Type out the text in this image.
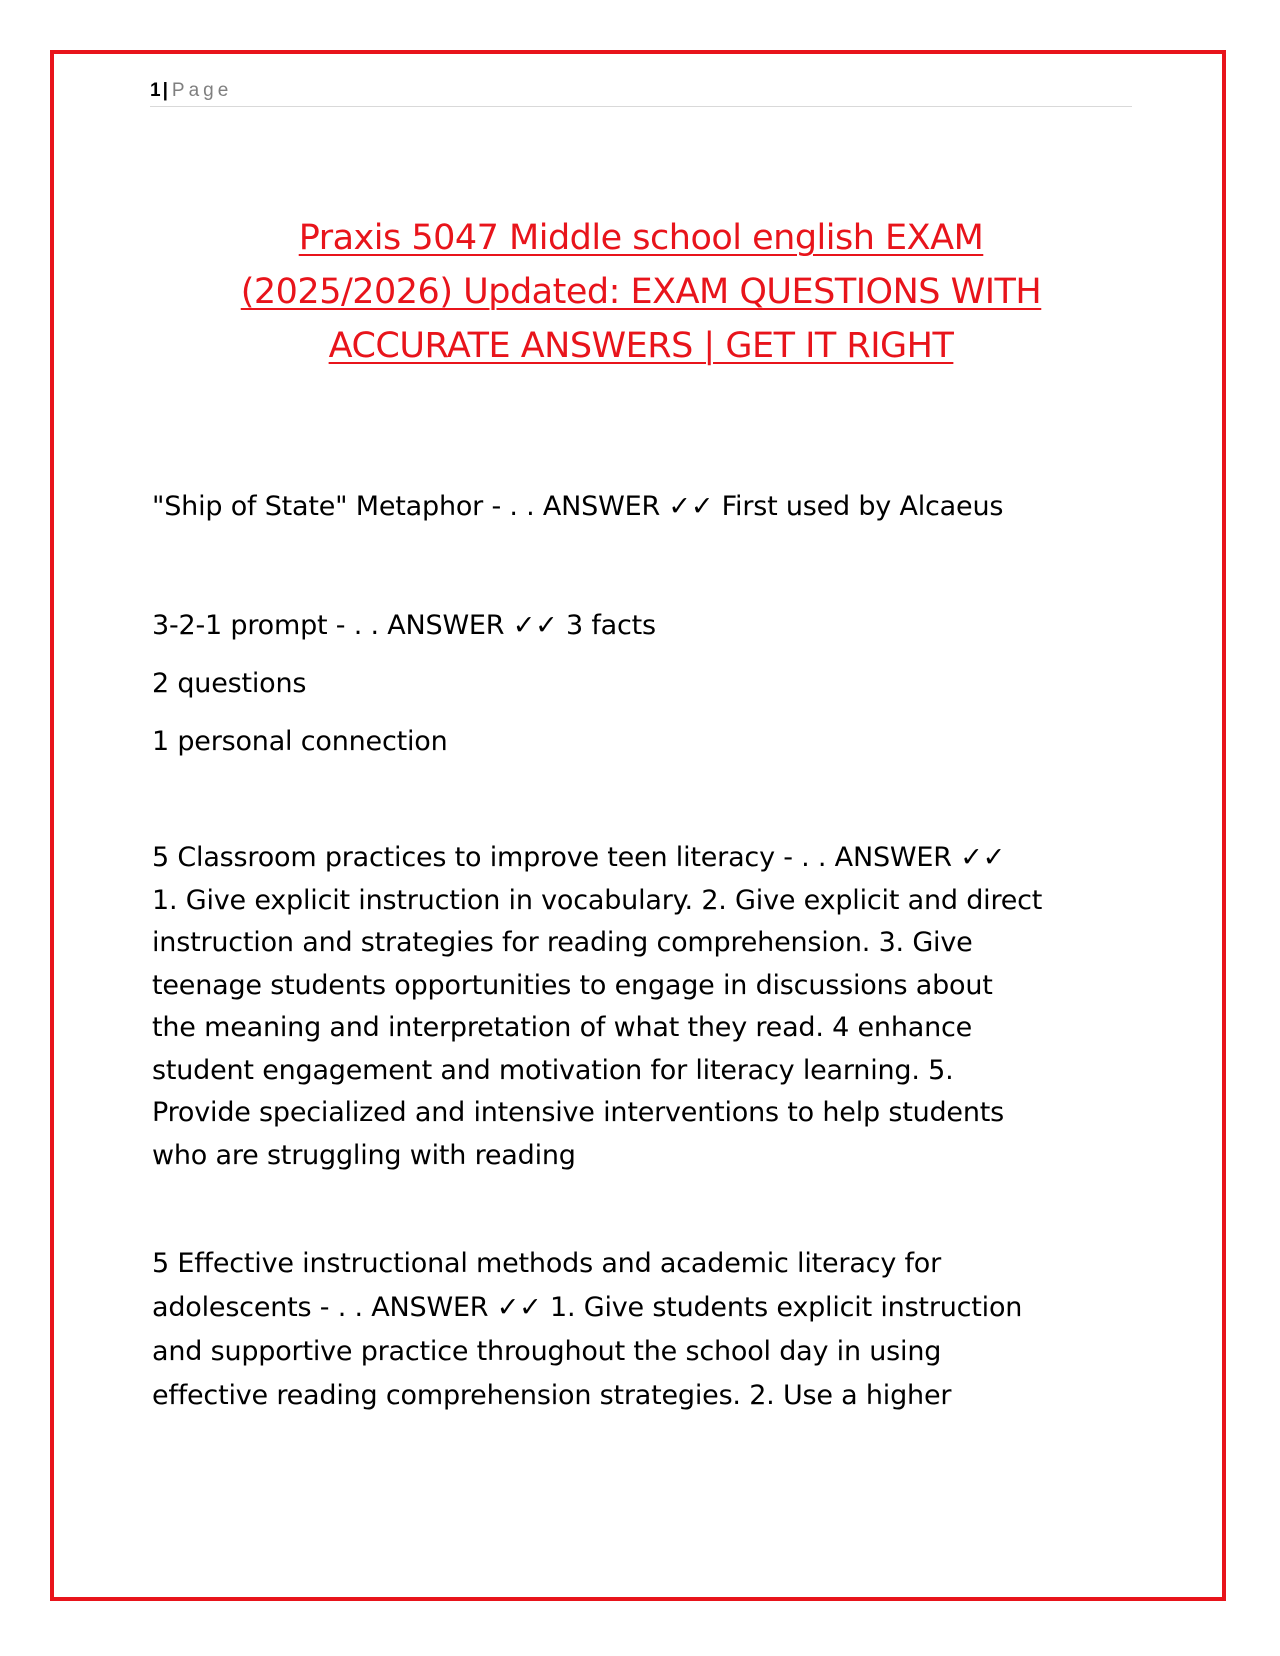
1 | Page
Praxis 5047 Middle school english EXAM
(2025/2026) Updated: EXAM QUESTIONS WITH
ACCURATE ANSWERS | GET IT RIGHT

"Ship of State" Metaphor - . . ANSWER ✓✓ First used by Alcaeus

3-2-1 prompt - . . ANSWER ✓✓ 3 facts

2 questions

1 personal connection

5 Classroom practices to improve teen literacy - . . ANSWER ✓✓

1. Give explicit instruction in vocabulary. 2. Give explicit and direct

instruction and strategies for reading comprehension. 3. Give

teenage students opportunities to engage in discussions about

the meaning and interpretation of what they read. 4 enhance

student engagement and motivation for literacy learning. 5.

Provide specialized and intensive interventions to help students

who are struggling with reading

5 Effective instructional methods and academic literacy for

adolescents - . . ANSWER ✓✓ 1. Give students explicit instruction

and supportive practice throughout the school day in using

effective reading comprehension strategies. 2. Use a higher
